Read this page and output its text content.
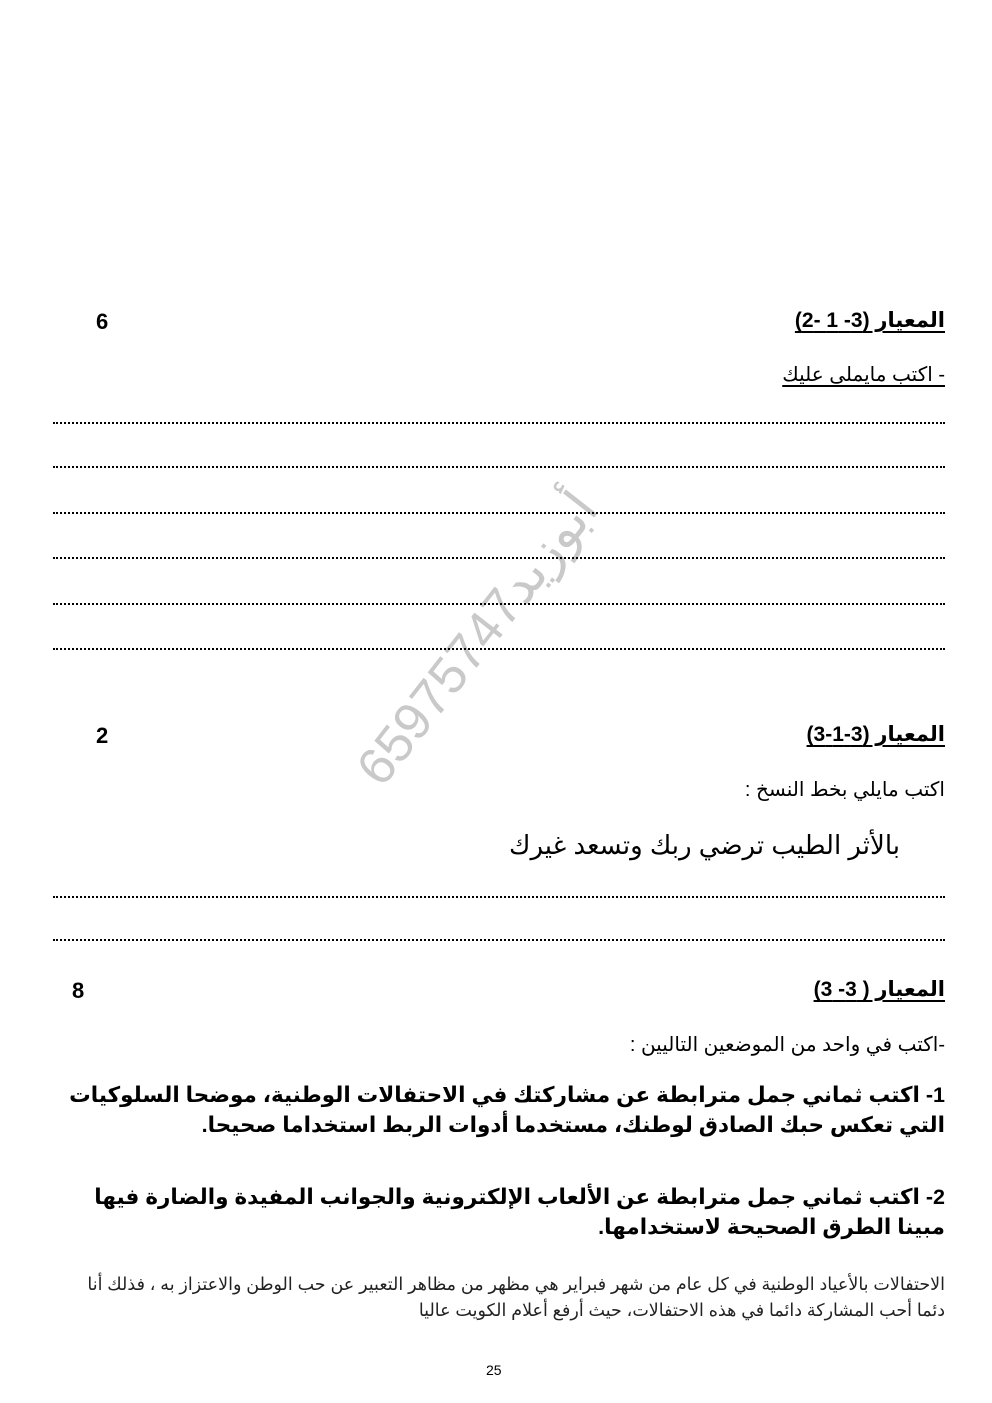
أبوزيد65975747
المعيار (3- 1 -2)
6
- اكتب مايملى عليك
المعيار (3-1-3)
2
اكتب مايلي بخط النسخ :
بالأثر الطيب ترضي ربك وتسعد غيرك
المعيار ( 3- 3)
8
-اكتب في واحد من الموضعين التاليين :
1- اكتب ثماني جمل مترابطة عن مشاركتك في الاحتفالات الوطنية، موضحا السلوكيات التي تعكس حبك الصادق لوطنك، مستخدما أدوات الربط استخداما صحيحا.
2- اكتب ثماني جمل مترابطة عن الألعاب الإلكترونية والجوانب المفيدة والضارة فيها مبينا الطرق الصحيحة لاستخدامها.
الاحتفالات بالأعياد الوطنية في كل عام من شهر فبراير هي مظهر من مظاهر التعبير عن حب الوطن والاعتزاز به ، فذلك أنا دئما أحب المشاركة دائما في هذه الاحتفالات، حيث أرفع أعلام الكويت عاليا
25
